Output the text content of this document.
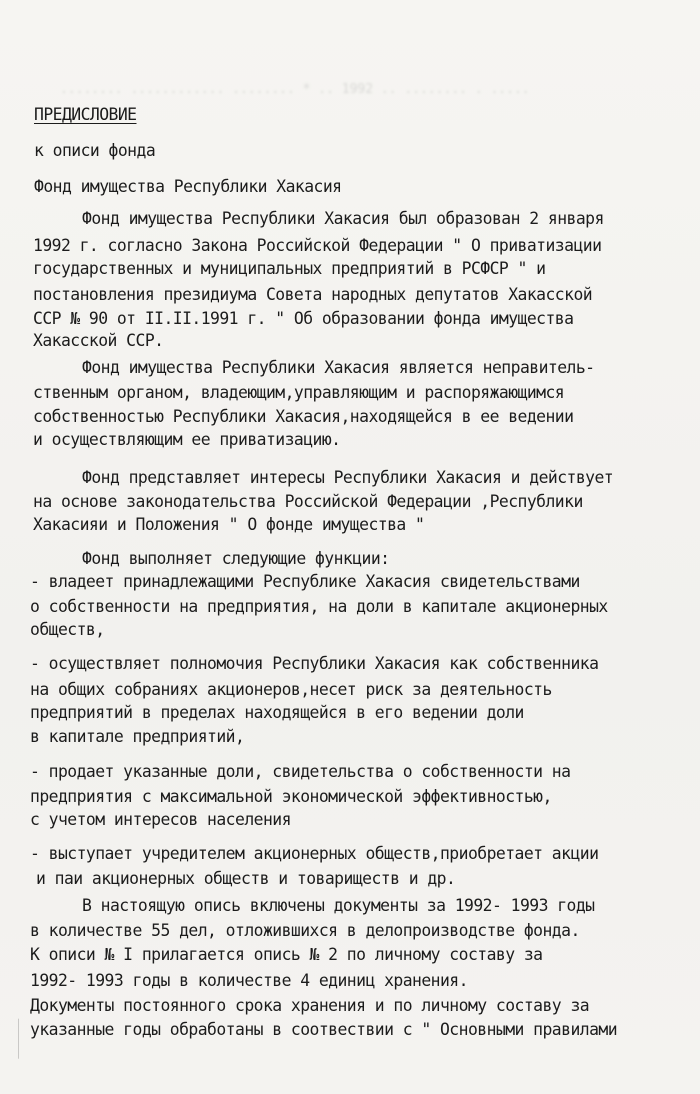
........ ............ ........ * .. 1992 .. ........ . .....
ПРЕДИСЛОВИЕ
к описи фонда
Фонд имущества Республики Хакасия
Фонд имущества Республики Хакасия был образован 2 января
1992 г. согласно Закона Российской Федерации " О приватизации
государственных и муниципальных предприятий в РСФСР " и
постановления президиума Совета народных депутатов Хакасской
ССР № 90 от II.II.1991 г. " Об образовании фонда имущества
Хакасской ССР.
Фонд имущества Республики Хакасия является неправитель-
ственным органом, владеющим,управляющим и распоряжающимся
собственностью Республики Хакасия,находящейся в ее ведении
и осуществляющим ее приватизацию.
Фонд представляет интересы Республики Хакасия и действует
на основе законодательства Российской Федерации ,Республики
Хакасияи и Положения " О фонде имущества "
Фонд выполняет следующие функции:
- владеет принадлежащими Республике Хакасия свидетельствами
о собственности на предприятия, на доли в капитале акционерных
обществ,
- осуществляет полномочия Республики Хакасия как собственника
на общих собраниях акционеров,несет риск за деятельность
предприятий в пределах находящейся в его ведении доли
в капитале предприятий,
- продает указанные доли, свидетельства о собственности на
предприятия с максимальной экономической эффективностью,
с учетом интересов населения
- выступает учредителем акционерных обществ,приобретает акции
и паи акционерных обществ и товариществ и др.
В настоящую опись включены документы за 1992- 1993 годы
в количестве 55 дел, отложившихся в делопроизводстве фонда.
К описи № I прилагается опись № 2 по личному составу за
1992- 1993 годы в количестве 4 единиц хранения.
Документы постоянного срока хранения и по личному составу за
указанные годы обработаны в соотвествии с " Основными правилами
